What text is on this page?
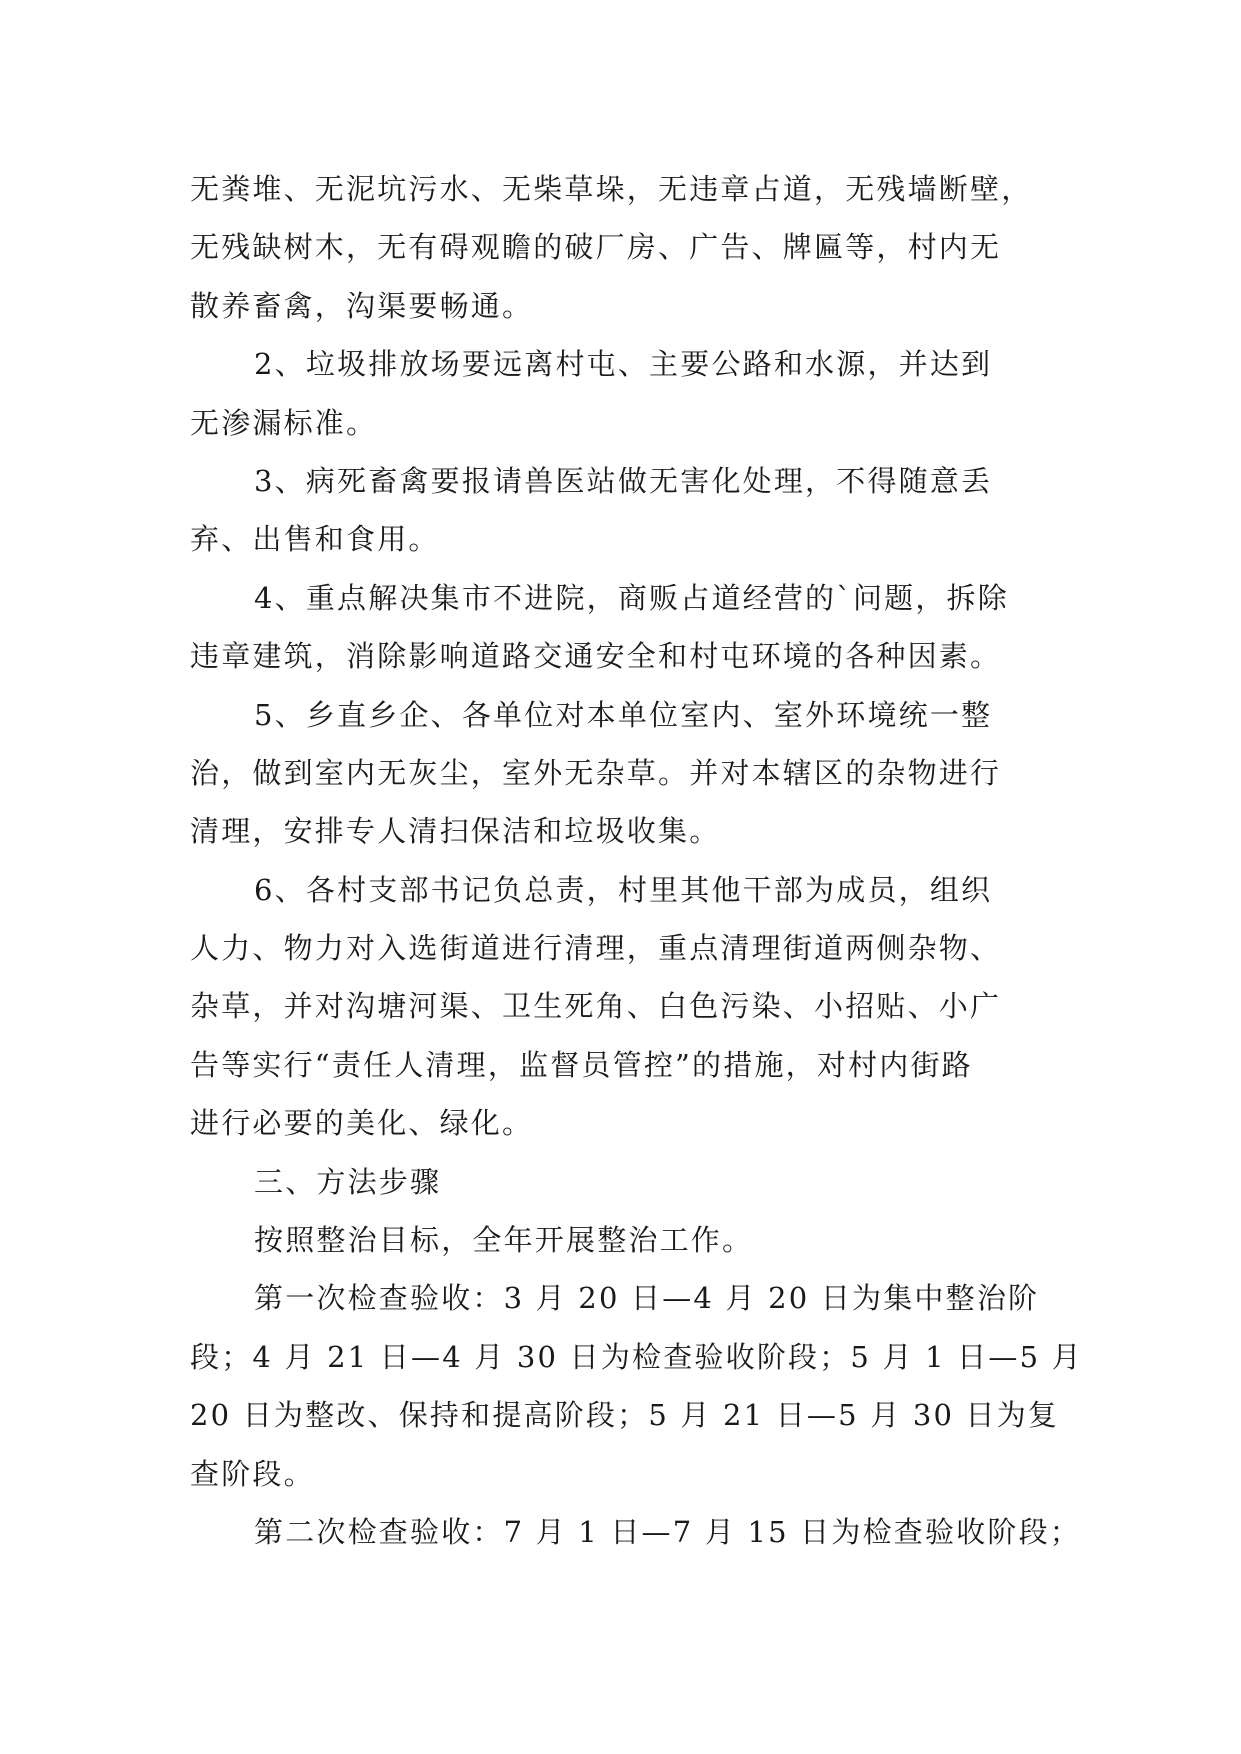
无粪堆、无泥坑污水、无柴草垛，无违章占道，无残墙断壁，
无残缺树木，无有碍观瞻的破厂房、广告、牌匾等，村内无
散养畜禽，沟渠要畅通。
2、垃圾排放场要远离村屯、主要公路和水源，并达到
无渗漏标准。
3、病死畜禽要报请兽医站做无害化处理，不得随意丢
弃、出售和食用。
4、重点解决集市不进院，商贩占道经营的`问题，拆除
违章建筑，消除影响道路交通安全和村屯环境的各种因素。
5、乡直乡企、各单位对本单位室内、室外环境统一整
治，做到室内无灰尘，室外无杂草。并对本辖区的杂物进行
清理，安排专人清扫保洁和垃圾收集。
6、各村支部书记负总责，村里其他干部为成员，组织
人力、物力对入选街道进行清理，重点清理街道两侧杂物、
杂草，并对沟塘河渠、卫生死角、白色污染、小招贴、小广
告等实行“责任人清理，监督员管控”的措施，对村内街路
进行必要的美化、绿化。
三、方法步骤
按照整治目标，全年开展整治工作。
第一次检查验收：3 月 20 日—4 月 20 日为集中整治阶
段；4 月 21 日—4 月 30 日为检查验收阶段；5 月 1 日—5 月
20 日为整改、保持和提高阶段；5 月 21 日—5 月 30 日为复
查阶段。
第二次检查验收：7 月 1 日—7 月 15 日为检查验收阶段；
